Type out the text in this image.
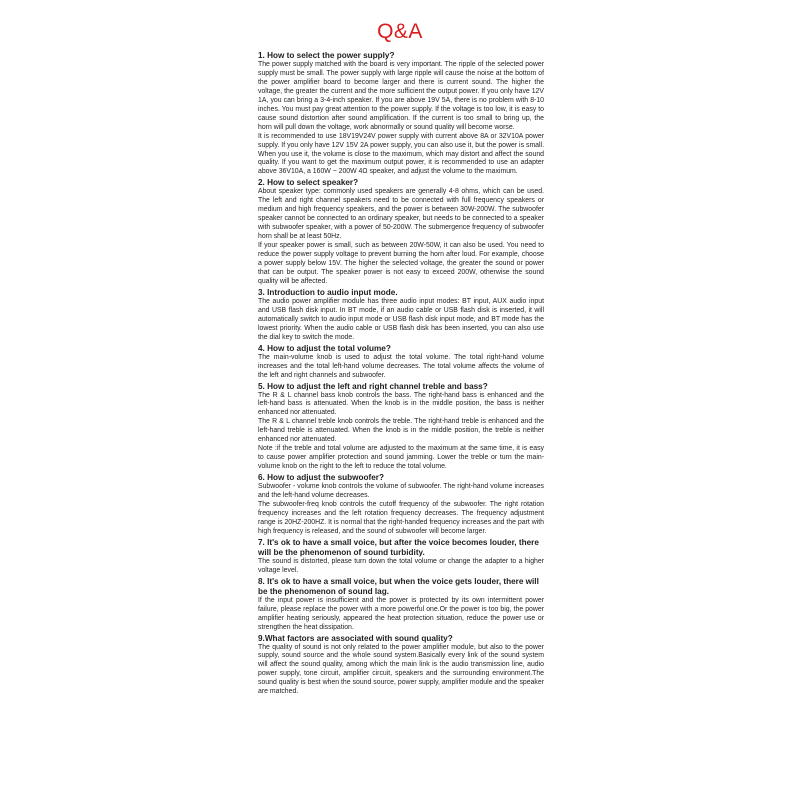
Q&A
1. How to select the power supply?

The power supply matched with the board is very important. The ripple of the selected power supply must be small. The power supply with large ripple will cause the noise at the bottom of the power amplifier board to become larger and there is current sound. The higher the voltage, the greater the current and the more sufficient the output power. If you only have 12V 1A, you can bring a 3-4-inch speaker. If you are above 19V 5A, there is no problem with 8-10 inches. You must pay great attention to the power supply. If the voltage is too low, it is easy to cause sound distortion after sound amplification. If the current is too small to bring up, the horn will pull down the voltage, work abnormally or sound quality will become worse.

It is recommended to use 18V19V24V power supply with current above 8A or 32V10A power supply. If you only have 12V 15V 2A power supply, you can also use it, but the power is small. When you use it, the volume is close to the maximum, which may distort and affect the sound quality. If you want to get the maximum output power, it is recommended to use an adapter above 36V10A, a 160W ~ 200W 4Ω speaker, and adjust the volume to the maximum.

2. How to select speaker?

About speaker type: commonly used speakers are generally 4-8 ohms, which can be used. The left and right channel speakers need to be connected with full frequency speakers or medium and high frequency speakers, and the power is between 30W-200W. The subwoofer speaker cannot be connected to an ordinary speaker, but needs to be connected to a speaker with subwoofer speaker, with a power of 50-200W. The submergence frequency of subwoofer horn shall be at least 50Hz.

If your speaker power is small, such as between 20W-50W, it can also be used. You need to reduce the power supply voltage to prevent burning the horn after loud. For example, choose a power supply below 15V. The higher the selected voltage, the greater the sound or power that can be output. The speaker power is not easy to exceed 200W, otherwise the sound quality will be affected.

3. Introduction to audio input mode.

The audio power amplifier module has three audio input modes: BT input, AUX audio input and USB flash disk input. In BT mode, if an audio cable or USB flash disk is inserted, it will automatically switch to audio input mode or USB flash disk input mode, and BT mode has the lowest priority. When the audio cable or USB flash disk has been inserted, you can also use the dial key to switch the mode.

4. How to adjust the total volume?

The main-volume knob is used to adjust the total volume. The total right-hand volume increases and the total left-hand volume decreases. The total volume affects the volume of the left and right channels and subwoofer.

5. How to adjust the left and right channel treble and bass?

The R & L channel bass knob controls the bass. The right-hand bass is enhanced and the left-hand bass is attenuated. When the knob is in the middle position, the bass is neither enhanced nor attenuated.

The R & L channel treble knob controls the treble. The right-hand treble is enhanced and the left-hand treble is attenuated. When the knob is in the middle position, the treble is neither enhanced nor attenuated.

Note :if the treble and total volume are adjusted to the maximum at the same time, it is easy to cause power amplifier protection and sound jamming. Lower the treble or turn the main-volume knob on the right to the left to reduce the total volume.

6. How to adjust the subwoofer?

Subwoofer - volume knob controls the volume of subwoofer. The right-hand volume increases and the left-hand volume decreases.

The subwoofer-freq knob controls the cutoff frequency of the subwoofer. The right rotation frequency increases and the left rotation frequency decreases. The frequency adjustment range is 20HZ-200HZ. It is normal that the right-handed frequency increases and the part with high frequency is released, and the sound of subwoofer will become larger.

7. It's ok to have a small voice, but after the voice becomes louder, there will be the phenomenon of sound turbidity.

The sound is distorted, please turn down the total volume or change the adapter to a higher voltage level.

8. It's ok to have a small voice, but when the voice gets louder, there will be the phenomenon of sound lag.

If the input power is insufficient and the power is protected by its own intermittent power failure, please replace the power with a more powerful one.Or the power is too big, the power amplifier heating seriously, appeared the heat protection situation, reduce the power use or strengthen the heat dissipation.

9.What factors are associated with sound quality?

The quality of sound is not only related to the power amplifier module, but also to the power supply, sound source and the whole sound system.Basically every link of the sound system will affect the sound quality, among which the main link is the audio transmission line, audio power supply, tone circuit, amplifier circuit, speakers and the surrounding environment.The sound quality is best when the sound source, power supply, amplifier module and the speaker are matched.
